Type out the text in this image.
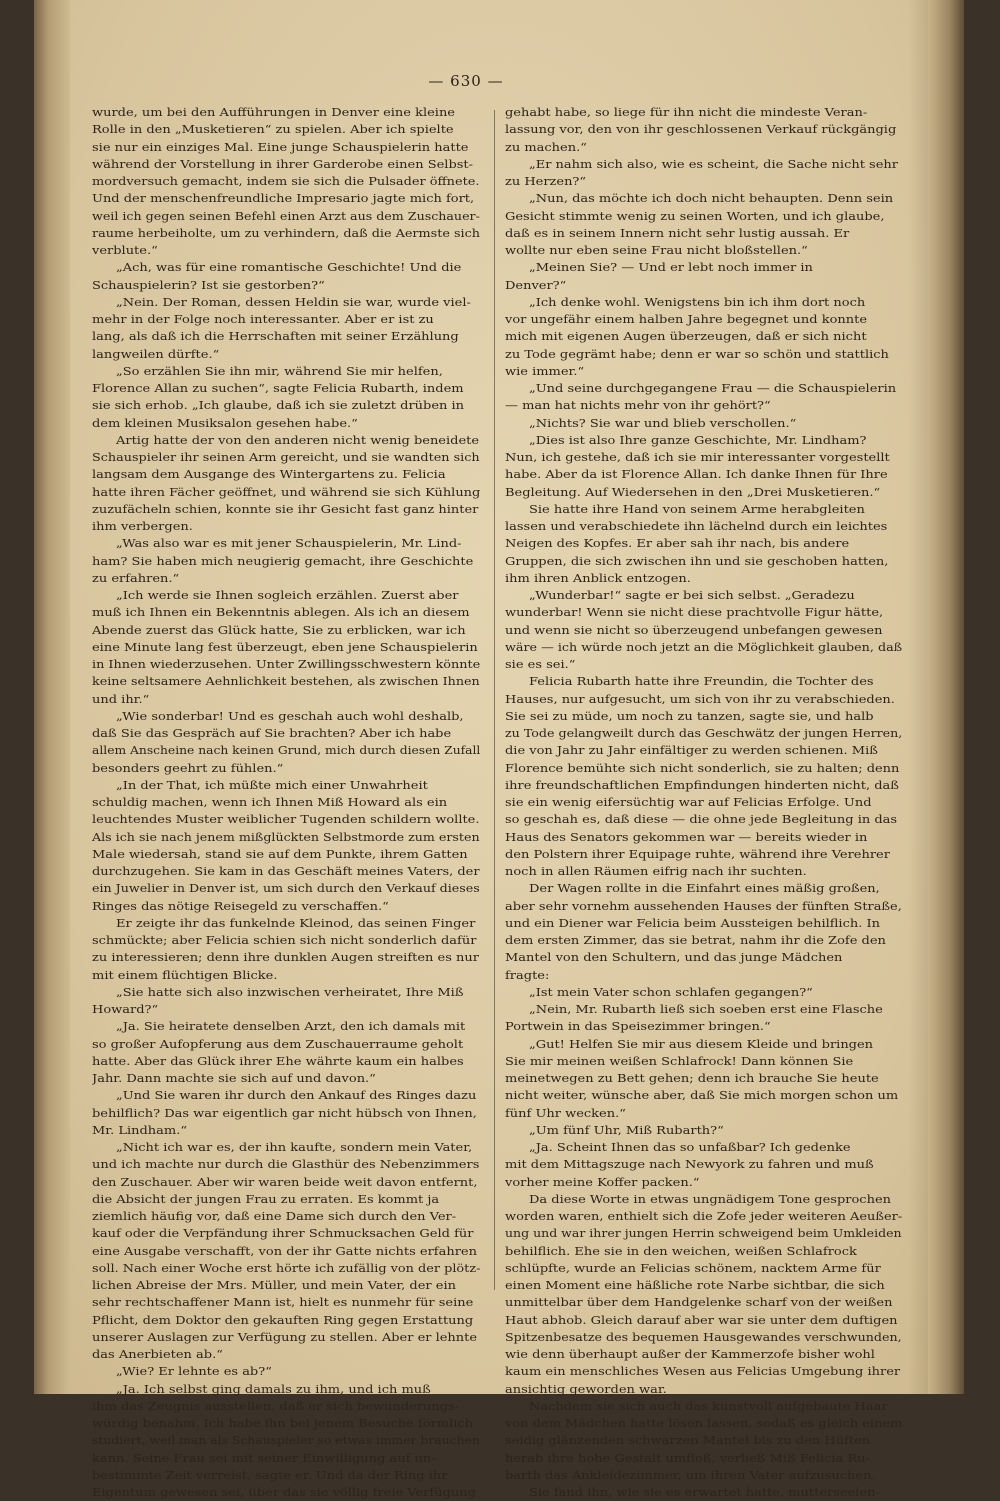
— 630 —
wurde, um bei den Aufführungen in Denver eine kleine
Rolle in den „Musketieren“ zu spielen. Aber ich spielte
sie nur ein einziges Mal. Eine junge Schauspielerin hatte
während der Vorstellung in ihrer Garderobe einen Selbst-
mordversuch gemacht, indem sie sich die Pulsader öffnete.
Und der menschenfreundliche Impresario jagte mich fort,
weil ich gegen seinen Befehl einen Arzt aus dem Zuschauer-
raume herbeiholte, um zu verhindern, daß die Aermste sich
verblute.“
„Ach, was für eine romantische Geschichte! Und die
Schauspielerin? Ist sie gestorben?“
„Nein. Der Roman, dessen Heldin sie war, wurde viel-
mehr in der Folge noch interessanter. Aber er ist zu
lang, als daß ich die Herrschaften mit seiner Erzählung
langweilen dürfte.“
„So erzählen Sie ihn mir, während Sie mir helfen,
Florence Allan zu suchen“, sagte Felicia Rubarth, indem
sie sich erhob. „Ich glaube, daß ich sie zuletzt drüben in
dem kleinen Musiksalon gesehen habe.“
Artig hatte der von den anderen nicht wenig beneidete
Schauspieler ihr seinen Arm gereicht, und sie wandten sich
langsam dem Ausgange des Wintergartens zu. Felicia
hatte ihren Fächer geöffnet, und während sie sich Kühlung
zuzufächeln schien, konnte sie ihr Gesicht fast ganz hinter
ihm verbergen.
„Was also war es mit jener Schauspielerin, Mr. Lind-
ham? Sie haben mich neugierig gemacht, ihre Geschichte
zu erfahren.“
„Ich werde sie Ihnen sogleich erzählen. Zuerst aber
muß ich Ihnen ein Bekenntnis ablegen. Als ich an diesem
Abende zuerst das Glück hatte, Sie zu erblicken, war ich
eine Minute lang fest überzeugt, eben jene Schauspielerin
in Ihnen wiederzusehen. Unter Zwillingsschwestern könnte
keine seltsamere Aehnlichkeit bestehen, als zwischen Ihnen
und ihr.“
„Wie sonderbar! Und es geschah auch wohl deshalb,
daß Sie das Gespräch auf Sie brachten? Aber ich habe
allem Anscheine nach keinen Grund, mich durch diesen Zufall
besonders geehrt zu fühlen.“
„In der That, ich müßte mich einer Unwahrheit
schuldig machen, wenn ich Ihnen Miß Howard als ein
leuchtendes Muster weiblicher Tugenden schildern wollte.
Als ich sie nach jenem mißglückten Selbstmorde zum ersten
Male wiedersah, stand sie auf dem Punkte, ihrem Gatten
durchzugehen. Sie kam in das Geschäft meines Vaters, der
ein Juwelier in Denver ist, um sich durch den Verkauf dieses
Ringes das nötige Reisegeld zu verschaffen.“
Er zeigte ihr das funkelnde Kleinod, das seinen Finger
schmückte; aber Felicia schien sich nicht sonderlich dafür
zu interessieren; denn ihre dunklen Augen streiften es nur
mit einem flüchtigen Blicke.
„Sie hatte sich also inzwischen verheiratet, Ihre Miß
Howard?“
„Ja. Sie heiratete denselben Arzt, den ich damals mit
so großer Aufopferung aus dem Zuschauerraume geholt
hatte. Aber das Glück ihrer Ehe währte kaum ein halbes
Jahr. Dann machte sie sich auf und davon.“
„Und Sie waren ihr durch den Ankauf des Ringes dazu
behilflich? Das war eigentlich gar nicht hübsch von Ihnen,
Mr. Lindham.“
„Nicht ich war es, der ihn kaufte, sondern mein Vater,
und ich machte nur durch die Glasthür des Nebenzimmers
den Zuschauer. Aber wir waren beide weit davon entfernt,
die Absicht der jungen Frau zu erraten. Es kommt ja
ziemlich häufig vor, daß eine Dame sich durch den Ver-
kauf oder die Verpfändung ihrer Schmucksachen Geld für
eine Ausgabe verschafft, von der ihr Gatte nichts erfahren
soll. Nach einer Woche erst hörte ich zufällig von der plötz-
lichen Abreise der Mrs. Müller, und mein Vater, der ein
sehr rechtschaffener Mann ist, hielt es nunmehr für seine
Pflicht, dem Doktor den gekauften Ring gegen Erstattung
unserer Auslagen zur Verfügung zu stellen. Aber er lehnte
das Anerbieten ab.“
„Wie? Er lehnte es ab?“
„Ja. Ich selbst ging damals zu ihm, und ich muß
ihm das Zeugnis ausstellen, daß er sich bewunderungs-
würdig benahm. Ich habe ihn bei jenem Besuche förmlich
studiert, weil man als Schauspieler so etwas immer brauchen
kann. Seine Frau sei mit seiner Einwilligung auf un-
bestimmte Zeit verreist, sagte er. Und da der Ring ihr
Eigentum gewesen sei, über das sie völlig freie Verfügung
gehabt habe, so liege für ihn nicht die mindeste Veran-
lassung vor, den von ihr geschlossenen Verkauf rückgängig
zu machen.“
„Er nahm sich also, wie es scheint, die Sache nicht sehr
zu Herzen?“
„Nun, das möchte ich doch nicht behaupten. Denn sein
Gesicht stimmte wenig zu seinen Worten, und ich glaube,
daß es in seinem Innern nicht sehr lustig aussah. Er
wollte nur eben seine Frau nicht bloßstellen.“
„Meinen Sie? — Und er lebt noch immer in
Denver?“
„Ich denke wohl. Wenigstens bin ich ihm dort noch
vor ungefähr einem halben Jahre begegnet und konnte
mich mit eigenen Augen überzeugen, daß er sich nicht
zu Tode gegrämt habe; denn er war so schön und stattlich
wie immer.“
„Und seine durchgegangene Frau — die Schauspielerin
— man hat nichts mehr von ihr gehört?“
„Nichts? Sie war und blieb verschollen.“
„Dies ist also Ihre ganze Geschichte, Mr. Lindham?
Nun, ich gestehe, daß ich sie mir interessanter vorgestellt
habe. Aber da ist Florence Allan. Ich danke Ihnen für Ihre
Begleitung. Auf Wiedersehen in den „Drei Musketieren.“
Sie hatte ihre Hand von seinem Arme herabgleiten
lassen und verabschiedete ihn lächelnd durch ein leichtes
Neigen des Kopfes. Er aber sah ihr nach, bis andere
Gruppen, die sich zwischen ihn und sie geschoben hatten,
ihm ihren Anblick entzogen.
„Wunderbar!“ sagte er bei sich selbst. „Geradezu
wunderbar! Wenn sie nicht diese prachtvolle Figur hätte,
und wenn sie nicht so überzeugend unbefangen gewesen
wäre — ich würde noch jetzt an die Möglichkeit glauben, daß
sie es sei.“
Felicia Rubarth hatte ihre Freundin, die Tochter des
Hauses, nur aufgesucht, um sich von ihr zu verabschieden.
Sie sei zu müde, um noch zu tanzen, sagte sie, und halb
zu Tode gelangweilt durch das Geschwätz der jungen Herren,
die von Jahr zu Jahr einfältiger zu werden schienen. Miß
Florence bemühte sich nicht sonderlich, sie zu halten; denn
ihre freundschaftlichen Empfindungen hinderten nicht, daß
sie ein wenig eifersüchtig war auf Felicias Erfolge. Und
so geschah es, daß diese — die ohne jede Begleitung in das
Haus des Senators gekommen war — bereits wieder in
den Polstern ihrer Equipage ruhte, während ihre Verehrer
noch in allen Räumen eifrig nach ihr suchten.
Der Wagen rollte in die Einfahrt eines mäßig großen,
aber sehr vornehm aussehenden Hauses der fünften Straße,
und ein Diener war Felicia beim Aussteigen behilflich. In
dem ersten Zimmer, das sie betrat, nahm ihr die Zofe den
Mantel von den Schultern, und das junge Mädchen
fragte:
„Ist mein Vater schon schlafen gegangen?“
„Nein, Mr. Rubarth ließ sich soeben erst eine Flasche
Portwein in das Speisezimmer bringen.“
„Gut! Helfen Sie mir aus diesem Kleide und bringen
Sie mir meinen weißen Schlafrock! Dann können Sie
meinetwegen zu Bett gehen; denn ich brauche Sie heute
nicht weiter, wünsche aber, daß Sie mich morgen schon um
fünf Uhr wecken.“
„Um fünf Uhr, Miß Rubarth?“
„Ja. Scheint Ihnen das so unfaßbar? Ich gedenke
mit dem Mittagszuge nach Newyork zu fahren und muß
vorher meine Koffer packen.“
Da diese Worte in etwas ungnädigem Tone gesprochen
worden waren, enthielt sich die Zofe jeder weiteren Aeußer-
ung und war ihrer jungen Herrin schweigend beim Umkleiden
behilflich. Ehe sie in den weichen, weißen Schlafrock
schlüpfte, wurde an Felicias schönem, nacktem Arme für
einen Moment eine häßliche rote Narbe sichtbar, die sich
unmittelbar über dem Handgelenke scharf von der weißen
Haut abhob. Gleich darauf aber war sie unter dem duftigen
Spitzenbesatze des bequemen Hausgewandes verschwunden,
wie denn überhaupt außer der Kammerzofe bisher wohl
kaum ein menschliches Wesen aus Felicias Umgebung ihrer
ansichtig geworden war.
Nachdem sie sich auch das kunstvoll aufgebaute Haar
von dem Mädchen hatte lösen lassen, sodaß es gleich einem
seidig glänzenden schwarzen Mantel bis zu den Hüften
herab ihre hohe Gestalt umfloß, verließ Miß Felicia Ru-
barth das Ankleidezimmer, um ihren Vater aufzusuchen.
Sie fand ihn, wie sie es erwartet hatte, mutterseelen-
